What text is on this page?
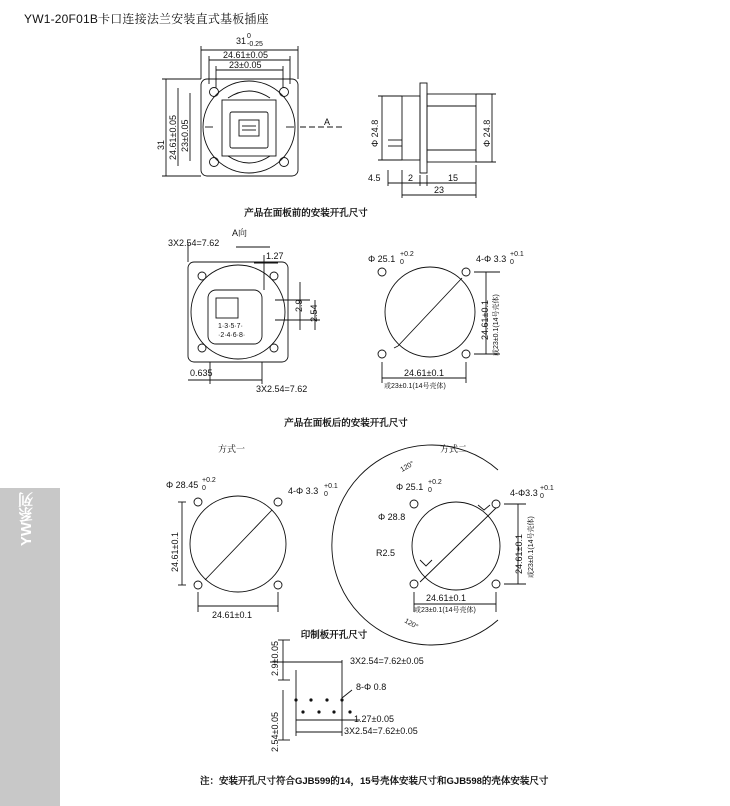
YW1-20F01B卡口连接法兰安装直式基板插座
YW系列
31 0
-0.25
24.61±0.05
23±0.05
31 24.61±0.05 23±0.05	A	Φ 24.8	Φ 24.8
4.5	2	15
23
产品在面板前的安装开孔尺寸
A向
3X2.54=7.62
1.27
2.9 2.54
1·3·5·7·
·2·4·6·8·
0.635
3X2.54=7.62
Φ 25.1 +0.2
0	4-Φ 3.3 +0.1
0
24.61±0.1
或23±0.1(14号壳体)
24.61±0.1 或23±0.1(14号壳体)
产品在面板后的安装开孔尺寸
方式一	方式二
Φ 28.45 +0.2
0	4-Φ 3.3 +0.1
0
24.61±0.1
24.61±0.1
120°
120°
Φ 25.1 +0.2
0
Φ 28.8
R2.5
4-Φ3.3 +0.1
0
24.61±0.1 或23±0.1(14号壳体)
24.61±0.1
或23±0.1(14号壳体)
印制板开孔尺寸
2.9±0.05	3X2.54=7.62±0.05
8-Φ 0.8
1.27±0.05
2.54±0.05	3X2.54=7.62±0.05
注：安装开孔尺寸符合GJB599的14，15号壳体安装尺寸和GJB598的壳体安装尺寸
